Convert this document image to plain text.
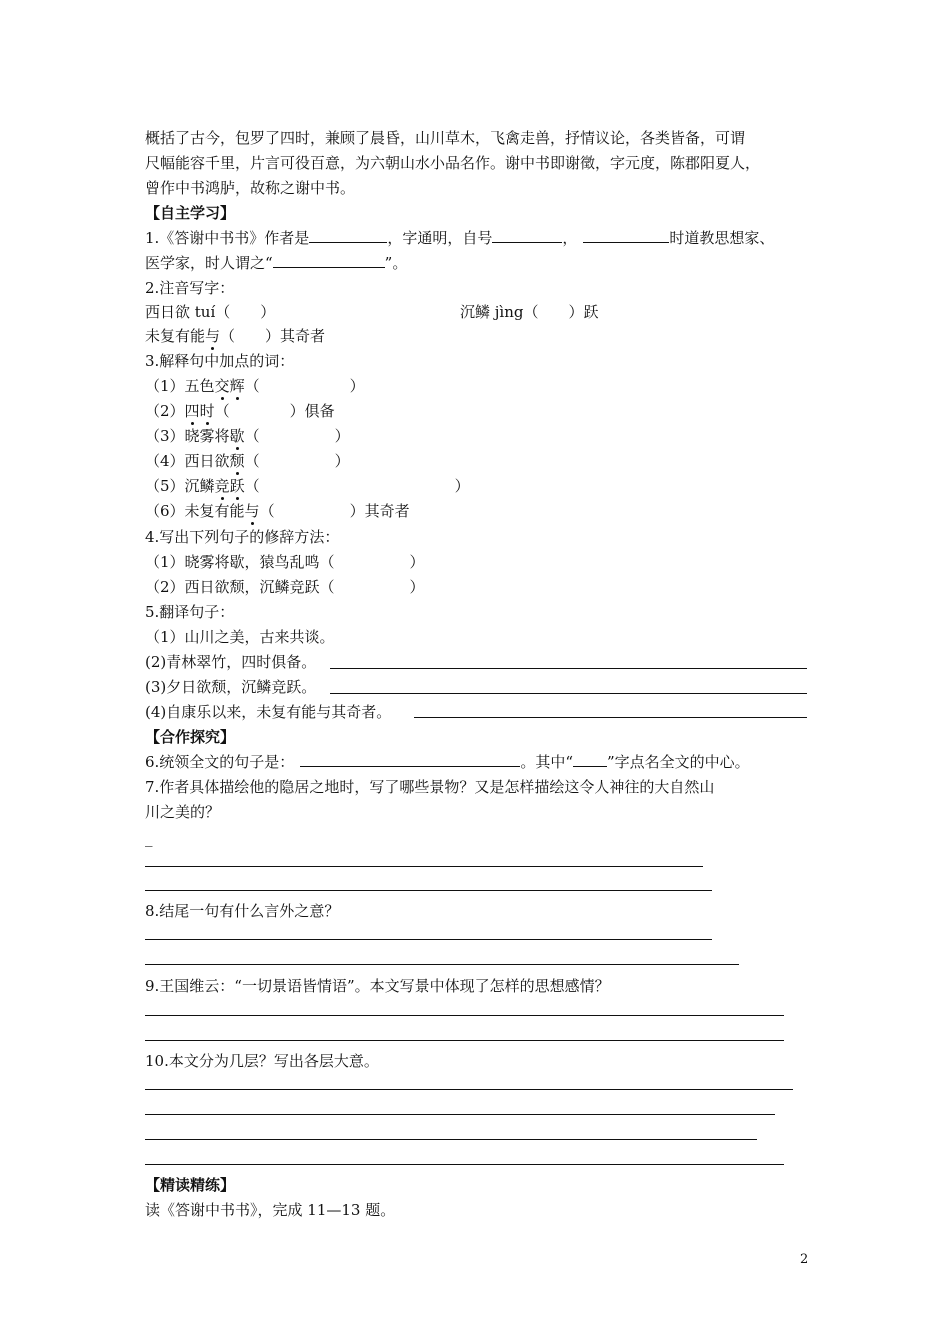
概括了古今，包罗了四时，兼顾了晨昏，山川草木，飞禽走兽，抒情议论，各类皆备，可谓
尺幅能容千里，片言可役百意，为六朝山水小品名作。谢中书即谢徵，字元度，陈郡阳夏人，
曾作中书鸿胪，故称之谢中书。
【自主学习】
1.《答谢中书书》作者是	，字通明，自号	，	时道教思想家、
医学家，时人谓之“	”。
2.注音写字：
西日欲 tuí（　　）	沉鳞 jìng（　　）跃
未复有能与（　　）其奇者
3.解释句中加点的词：
（1）五色交辉（　　　　　　）
（2）四时（　　　　）俱备
（3）晓雾将歇（　　　　　）
（4）西日欲颓（　　　　　）
（5）沉鳞竞跃（　　　　　　　　　　　　　）
（6）未复有能与（　　　　　）其奇者
4.写出下列句子的修辞方法：
（1）晓雾将歇，猿鸟乱鸣（　　　　　）
（2）西日欲颓，沉鳞竞跃（　　　　　）
5.翻译句子：
（1）山川之美，古来共谈。
(2)青林翠竹，四时俱备。
(3)夕日欲颓，沉鳞竞跃。
(4)自康乐以来，未复有能与其奇者。
【合作探究】
6.统领全文的句子是：	。其中“ ”字点名全文的中心。
7.作者具体描绘他的隐居之地时，写了哪些景物？又是怎样描绘这令人神往的大自然山
川之美的？
_
8.结尾一句有什么言外之意？
9.王国维云：“一切景语皆情语”。本文写景中体现了怎样的思想感情？
10.本文分为几层？写出各层大意。
【精读精练】
读《答谢中书书》，完成 11—13 题。
2
